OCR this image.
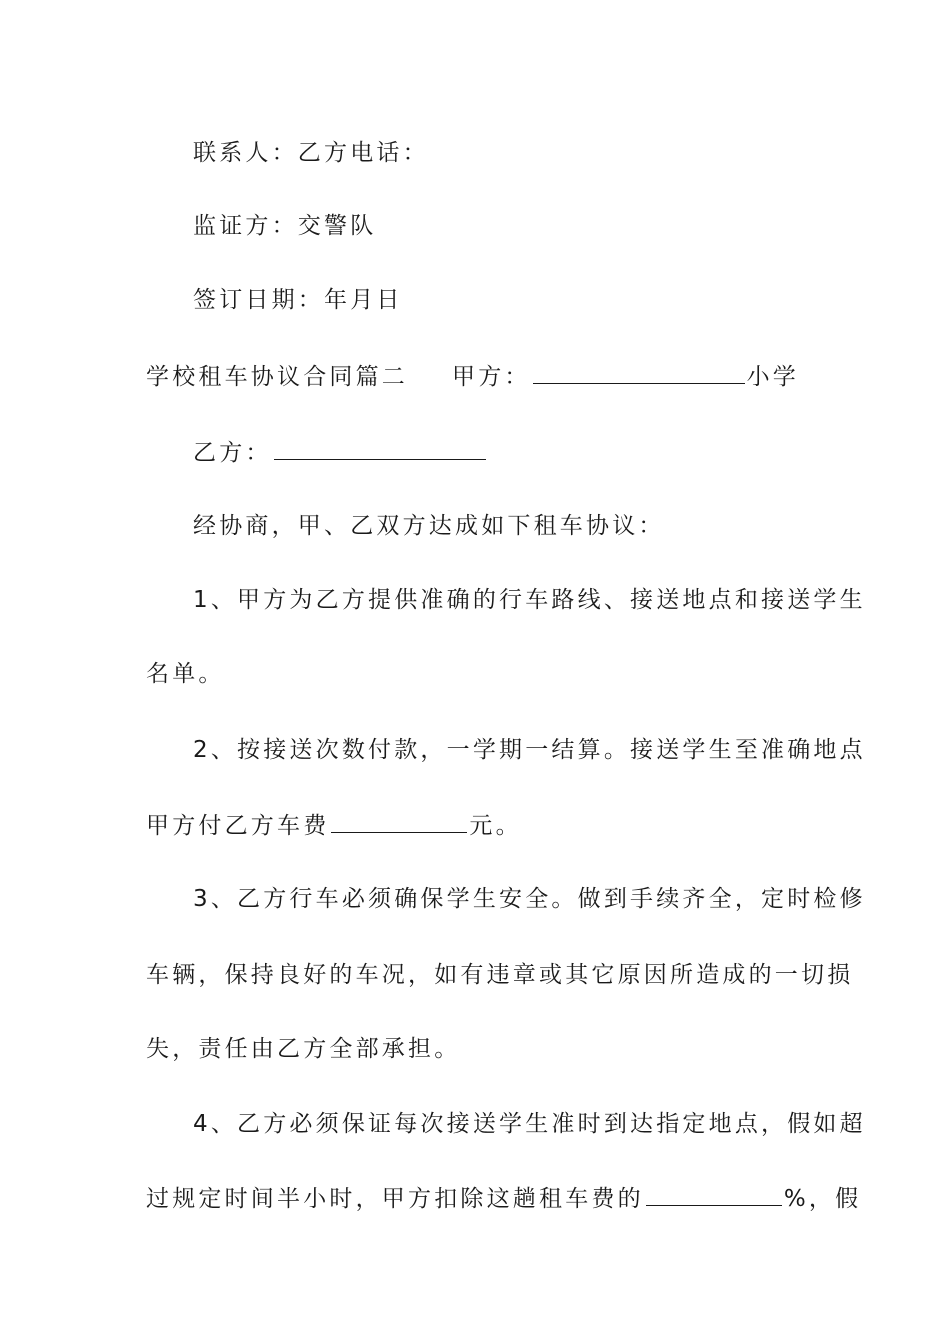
联系人：乙方电话：
监证方：交警队
签订日期：年月日
学校租车协议合同篇二 甲方：	小学
乙方：
经协商，甲、乙双方达成如下租车协议：
1、甲方为乙方提供准确的行车路线、接送地点和接送学生
名单。
2、按接送次数付款，一学期一结算。接送学生至准确地点
甲方付乙方车费	元。
3、乙方行车必须确保学生安全。做到手续齐全，定时检修
车辆，保持良好的车况，如有违章或其它原因所造成的一切损
失，责任由乙方全部承担。
4、乙方必须保证每次接送学生准时到达指定地点，假如超
过规定时间半小时，甲方扣除这趟租车费的	%，假
